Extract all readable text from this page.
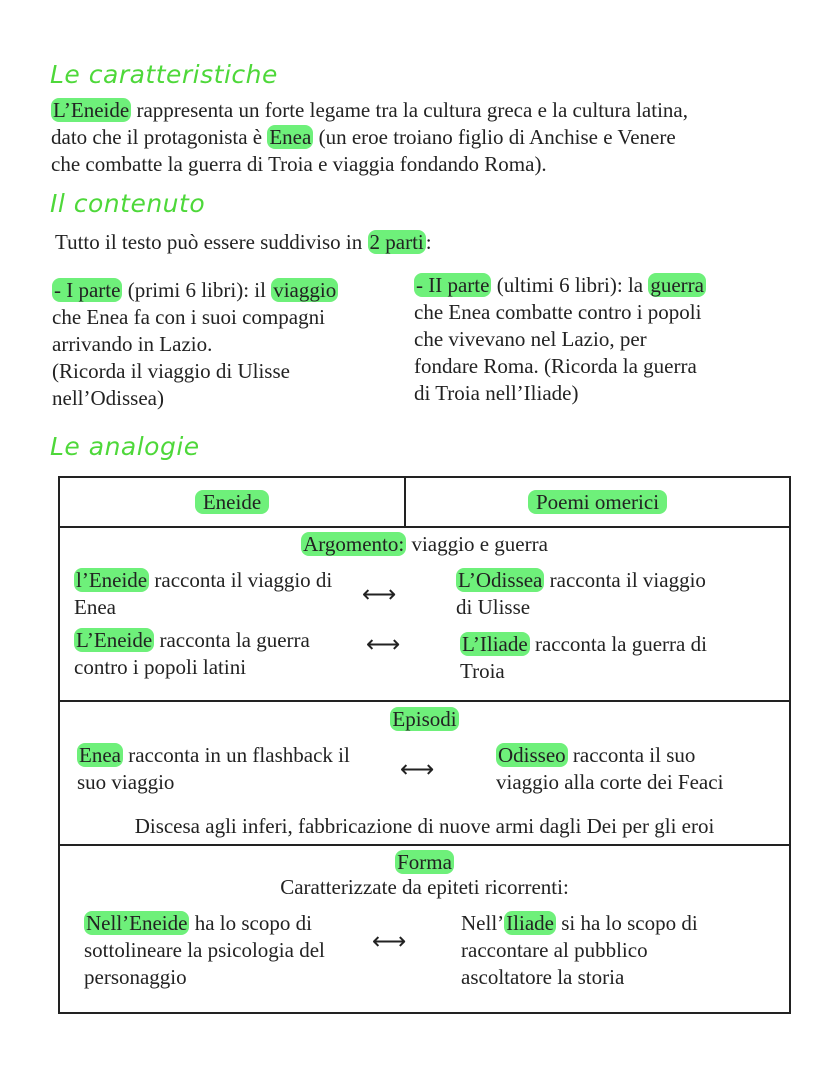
Le caratteristiche
L’Eneide rappresenta un forte legame tra la cultura greca e la cultura latina,
dato che il protagonista è Enea (un eroe troiano figlio di Anchise e Venere
che combatte la guerra di Troia e viaggia fondando Roma).
Il contenuto
Tutto il testo può essere suddiviso in 2 parti:
- I parte (primi 6 libri): il viaggio
che Enea fa con i suoi compagni
arrivando in Lazio.
(Ricorda il viaggio di Ulisse
nell’Odissea)
- II parte (ultimi 6 libri): la guerra
che Enea combatte contro i popoli
che vivevano nel Lazio, per
fondare Roma. (Ricorda la guerra
di Troia nell’Iliade)
Le analogie
Eneide	Poemi omerici

Argomento: viaggio e guerra
l’Eneide racconta il viaggio di
Enea	⟷	L’Odissea racconta il viaggio
di Ulisse
L’Eneide racconta la guerra
contro i popoli latini
⟷	L’Iliade racconta la guerra di
Troia

Episodi
Enea racconta in un flashback il
suo viaggio	⟷	Odisseo racconta il suo
viaggio alla corte dei Feaci
Discesa agli inferi, fabbricazione di nuove armi dagli Dei per gli eroi

Forma
Caratterizzate da epiteti ricorrenti:
Nell’Eneide ha lo scopo di
sottolineare la psicologia del
personaggio
⟷
Nell’Iliade si ha lo scopo di
raccontare al pubblico
ascoltatore la storia
